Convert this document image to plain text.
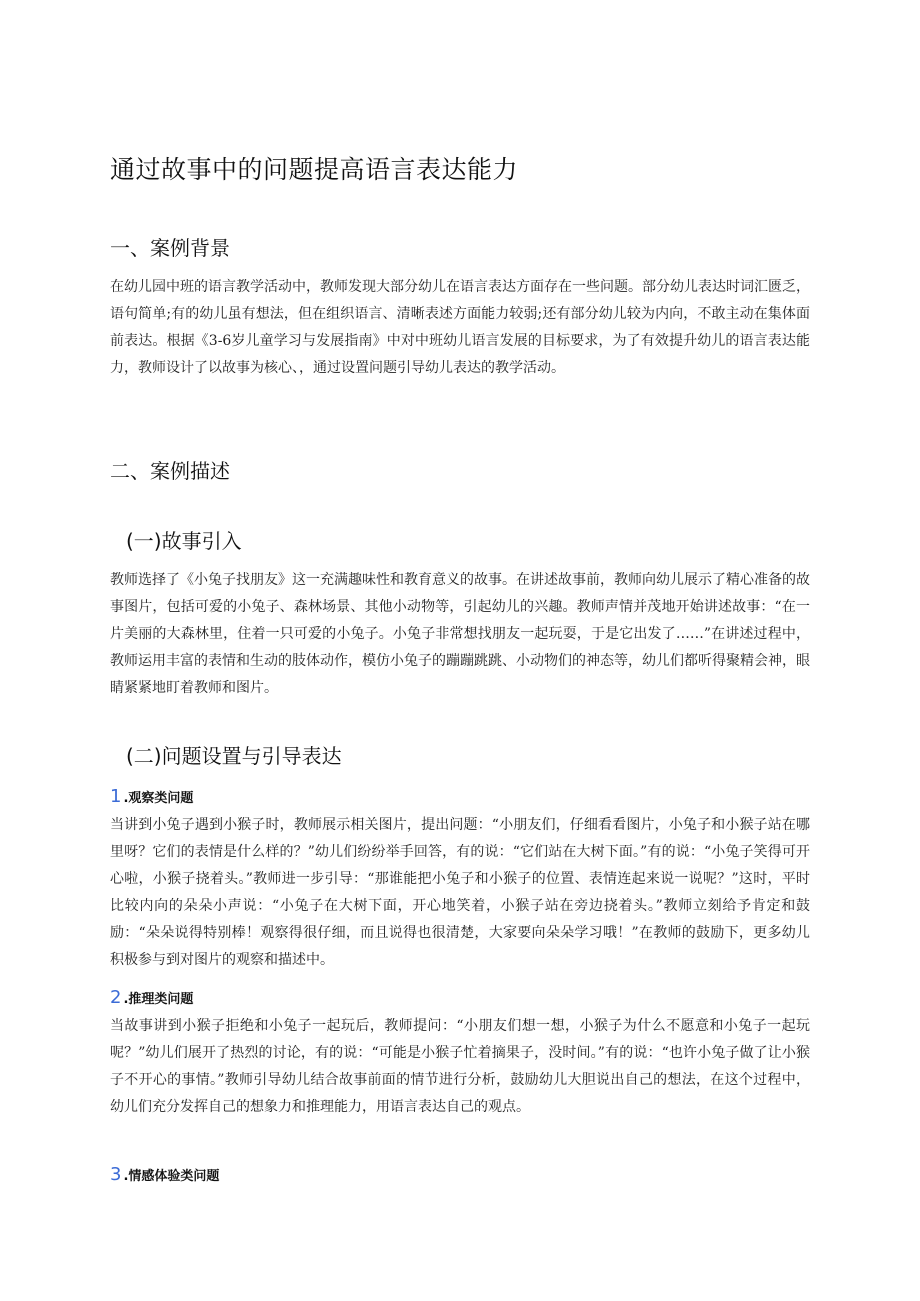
通过故事中的问题提高语言表达能力
一、案例背景

在幼儿园中班的语言教学活动中，教师发现大部分幼儿在语言表达方面存在一些问题。部分幼儿表达时词汇匮乏，语句简单;有的幼儿虽有想法，但在组织语言、清晰表述方面能力较弱;还有部分幼儿较为内向，不敢主动在集体面前表达。根据《3-6岁儿童学习与发展指南》中对中班幼儿语言发展的目标要求，为了有效提升幼儿的语言表达能力，教师设计了以故事为核心、，通过设置问题引导幼儿表达的教学活动。

二、案例描述
(一)故事引入

教师选择了《小兔子找朋友》这一充满趣味性和教育意义的故事。在讲述故事前，教师向幼儿展示了精心准备的故事图片，包括可爱的小兔子、森林场景、其他小动物等，引起幼儿的兴趣。教师声情并茂地开始讲述故事：“在一片美丽的大森林里，住着一只可爱的小兔子。小兔子非常想找朋友一起玩耍，于是它出发了……”在讲述过程中，教师运用丰富的表情和生动的肢体动作，模仿小兔子的蹦蹦跳跳、小动物们的神态等，幼儿们都听得聚精会神，眼睛紧紧地盯着教师和图片。

(二)问题设置与引导表达
1 .观察类问题

当讲到小兔子遇到小猴子时，教师展示相关图片，提出问题：“小朋友们，仔细看看图片，小兔子和小猴子站在哪里呀？它们的表情是什么样的？”幼儿们纷纷举手回答，有的说：“它们站在大树下面。”有的说：“小兔子笑得可开心啦，小猴子挠着头。”教师进一步引导：“那谁能把小兔子和小猴子的位置、表情连起来说一说呢？”这时，平时比较内向的朵朵小声说：“小兔子在大树下面，开心地笑着，小猴子站在旁边挠着头。”教师立刻给予肯定和鼓励：“朵朵说得特别棒！观察得很仔细，而且说得也很清楚，大家要向朵朵学习哦！”在教师的鼓励下，更多幼儿积极参与到对图片的观察和描述中。

2 .推理类问题

当故事讲到小猴子拒绝和小兔子一起玩后，教师提问：“小朋友们想一想，小猴子为什么不愿意和小兔子一起玩呢？”幼儿们展开了热烈的讨论，有的说：“可能是小猴子忙着摘果子，没时间。”有的说：“也许小兔子做了让小猴子不开心的事情。”教师引导幼儿结合故事前面的情节进行分析，鼓励幼儿大胆说出自己的想法，在这个过程中，幼儿们充分发挥自己的想象力和推理能力，用语言表达自己的观点。

3 .情感体验类问题
